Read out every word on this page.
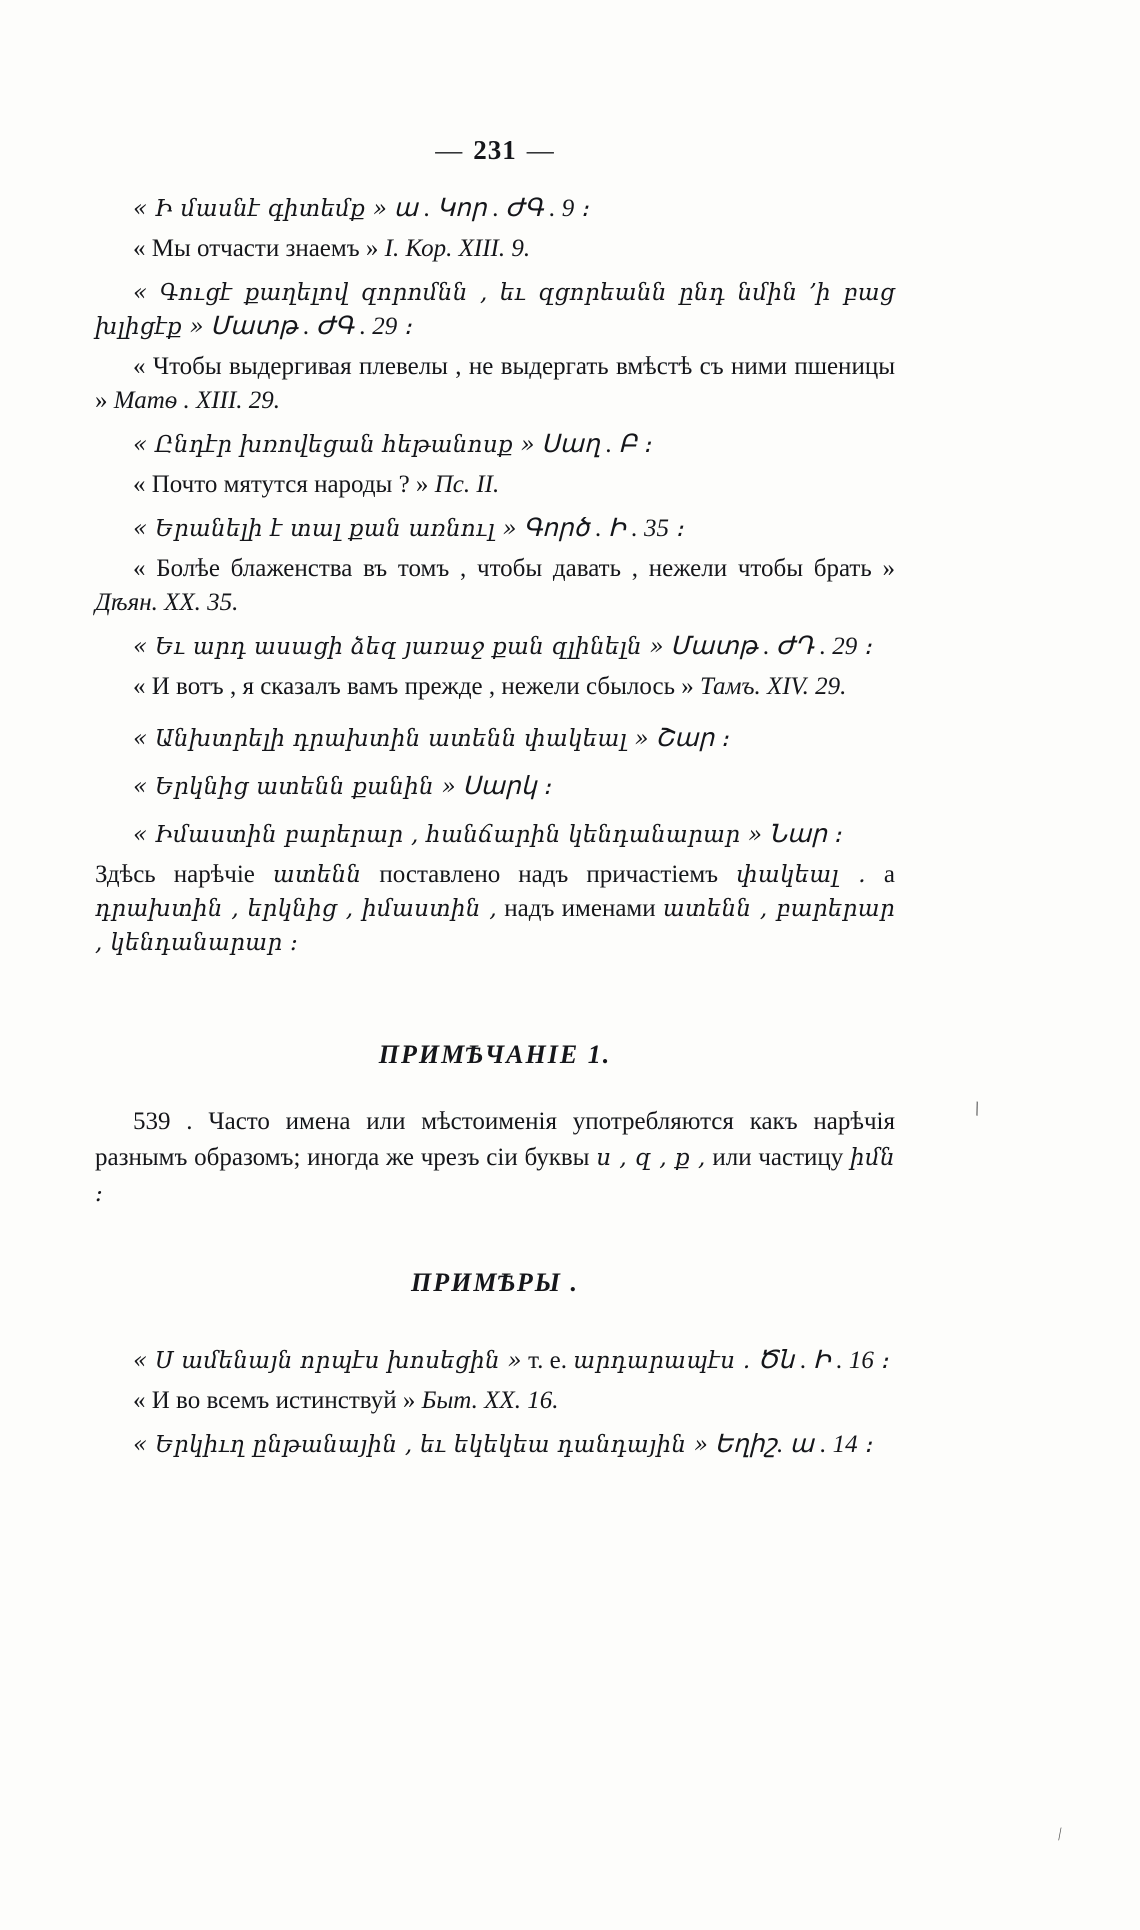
— 231 —

« Ի մասնէ գիտեմք » ա . Կոր . ԺԳ . 9 ։

« Мы отчасти знаемъ » I. Кор. XIII. 9.

« Գուցէ քաղելով զորոմնն , եւ զցորեանն ընդ նմին ՚ի բաց խլիցէք » Մատթ . ԺԳ . 29 ։

« Чтобы выдергивая плевелы , не выдергать вмѣстѣ съ ними пшеницы » Матѳ . XIII. 29.

« Ընդէր խռովեցան հեթանոսք » Սաղ . Բ ։

« Почто мятутся народы ? » Пс. II.

« Երանելի է տալ քան առնուլ » Գործ . Ի . 35 ։

« Болѣе блаженства въ томъ , чтобы давать , нежели чтобы брать » Дѣян. XX. 35.

« Եւ արդ ասացի ձեզ յառաջ քան զլինելն » Մատթ . ԺԴ . 29 ։

« И вотъ , я сказалъ вамъ прежде , нежели сбылось » Тамъ. XIV. 29.

« Անխտրելի դրախտին ատենն փակեալ » Շար ։

« Երկնից ատենն քանին » Սարկ ։

« Իմաստին բարերար , հանճարին կենդանարար » Նար ։

Здѣсь нарѣчіе ատենն поставлено надъ причастіемъ փակեալ . а դրախտին , երկնից , իմաստին , надъ именами ատենն , բարերար , կենդանարար ։

ПРИМѢЧАНІЕ 1.

539 . Часто имена или мѣстоименія употребляются какъ нарѣчія разнымъ образомъ; иногда же чрезъ сіи буквы ս , զ , ք , или частицу իմն ։

ПРИМѢРЫ .

« Ս ամենայն որպէս խոսեցին » т. е. արդարապէս . Ծն . Ի . 16 ։

« И во всемъ истинствуй » Быт. XX. 16.

« Երկիւղ ընթանային , եւ եկեկեա դանդային » Եղիշ. ա . 14 ։

\
⁄
